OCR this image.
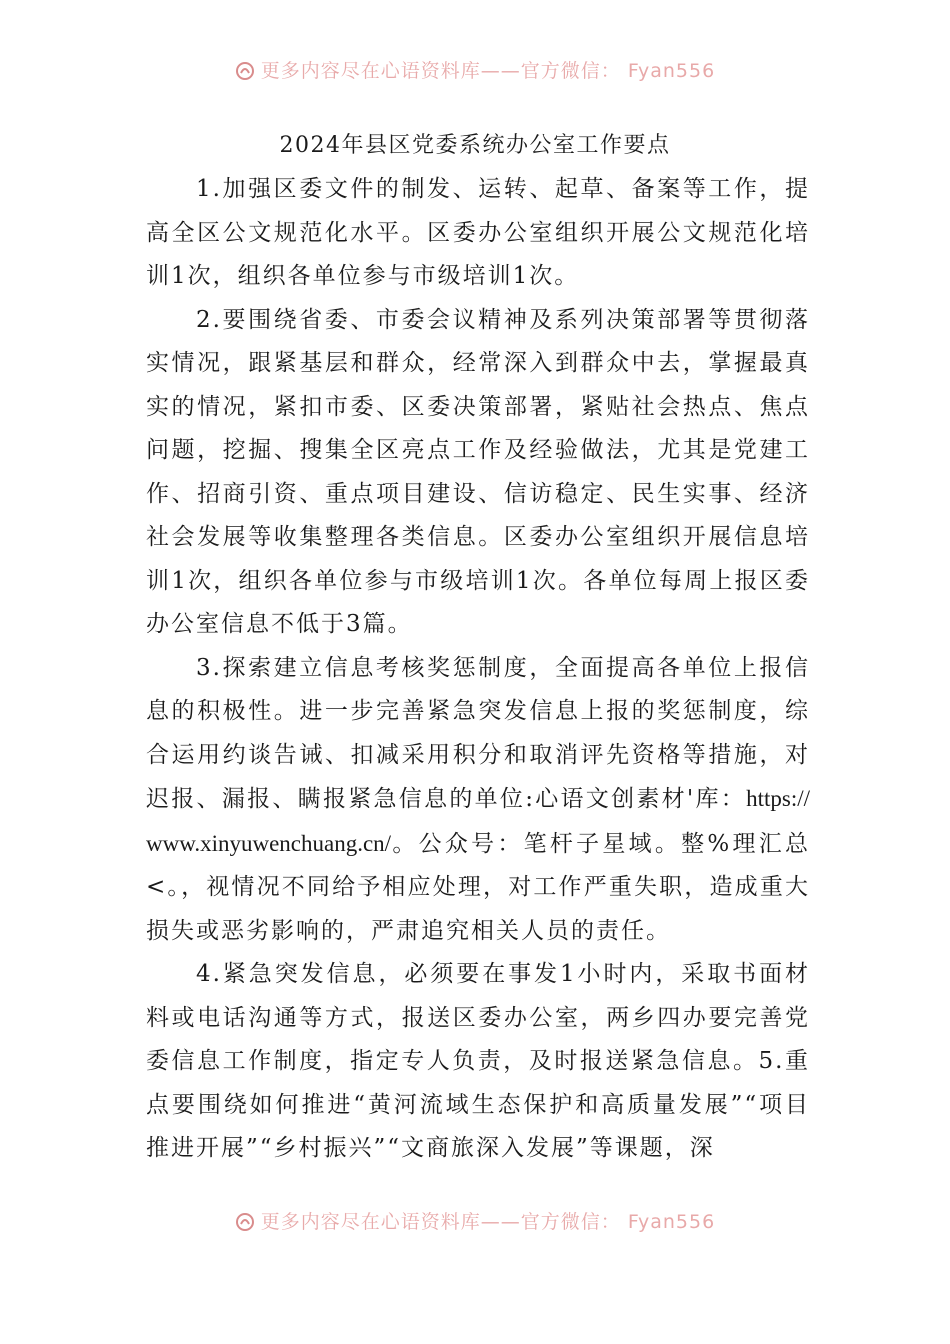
更多内容尽在心语资料库——官方微信： Fyan556
2024年县区党委系统办公室工作要点

1.加强区委文件的制发、运转、起草、备案等工作，提高全区公文规范化水平。区委办公室组织开展公文规范化培训1次，组织各单位参与市级培训1次。

2.要围绕省委、市委会议精神及系列决策部署等贯彻落实情况，跟紧基层和群众，经常深入到群众中去，掌握最真实的情况，紧扣市委、区委决策部署，紧贴社会热点、焦点问题，挖掘、搜集全区亮点工作及经验做法，尤其是党建工作、招商引资、重点项目建设、信访稳定、民生实事、经济社会发展等收集整理各类信息。区委办公室组织开展信息培训1次，组织各单位参与市级培训1次。各单位每周上报区委办公室信息不低于3篇。

3.探索建立信息考核奖惩制度，全面提高各单位上报信息的积极性。进一步完善紧急突发信息上报的奖惩制度，综合运用约谈告诫、扣减采用积分和取消评先资格等措施，对迟报、漏报、瞒报紧急信息的单位:心语文创素材'库：https://www.xinyuwenchuang.cn/。公众号：笔杆子星域。整%理汇总<。，视情况不同给予相应处理，对工作严重失职，造成重大损失或恶劣影响的，严肃追究相关人员的责任。

4.紧急突发信息，必须要在事发1小时内，采取书面材料或电话沟通等方式，报送区委办公室，两乡四办要完善党委信息工作制度，指定专人负责，及时报送紧急信息。5.重点要围绕如何推进“黄河流域生态保护和高质量发展”“项目推进开展”“乡村振兴”“文商旅深入发展”等课题，深

更多内容尽在心语资料库——官方微信： Fyan556
